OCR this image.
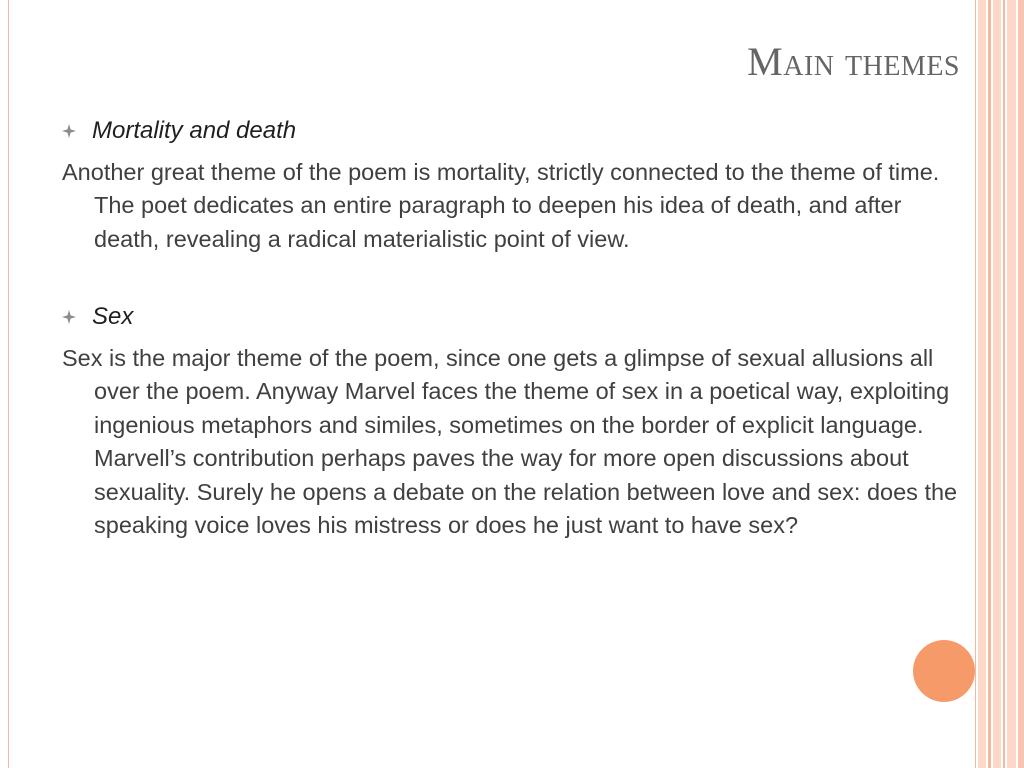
Main themes
Mortality and death

Another great theme of the poem is mortality, strictly connected to the theme of time. The poet dedicates an entire paragraph to deepen his idea of death, and after death, revealing a radical materialistic point of view.

Sex

Sex is the major theme of the poem, since one gets a glimpse of sexual allusions all over the poem. Anyway Marvel faces the theme of sex in a poetical way, exploiting ingenious metaphors and similes, sometimes on the border of explicit language. Marvell’s contribution perhaps paves the way for more open discussions about sexuality. Surely he opens a debate on the relation between love and sex: does the speaking voice loves his mistress or does he just want to have sex?
